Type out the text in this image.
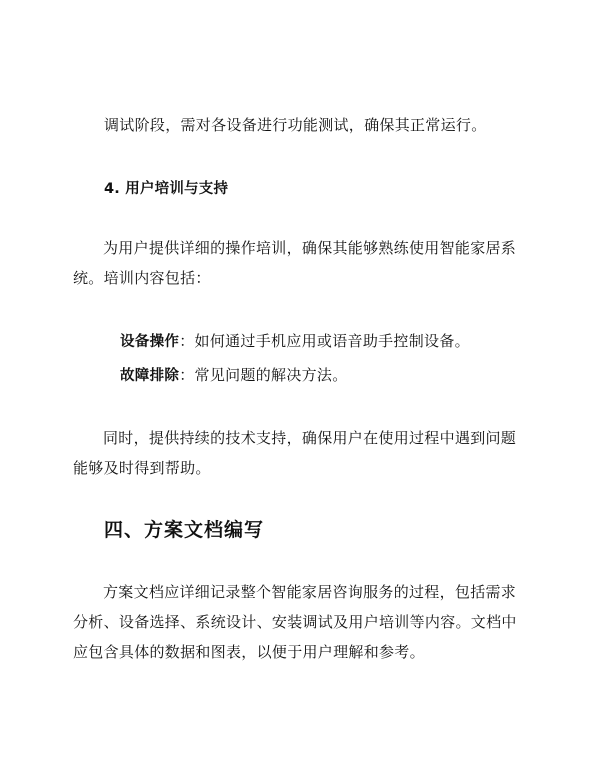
调试阶段，需对各设备进行功能测试，确保其正常运行。
4. 用户培训与支持
为用户提供详细的操作培训，确保其能够熟练使用智能家居系统。培训内容包括：
设备操作：如何通过手机应用或语音助手控制设备。
故障排除：常见问题的解决方法。
同时，提供持续的技术支持，确保用户在使用过程中遇到问题能够及时得到帮助。
四、方案文档编写
方案文档应详细记录整个智能家居咨询服务的过程，包括需求分析、设备选择、系统设计、安装调试及用户培训等内容。文档中应包含具体的数据和图表，以便于用户理解和参考。
